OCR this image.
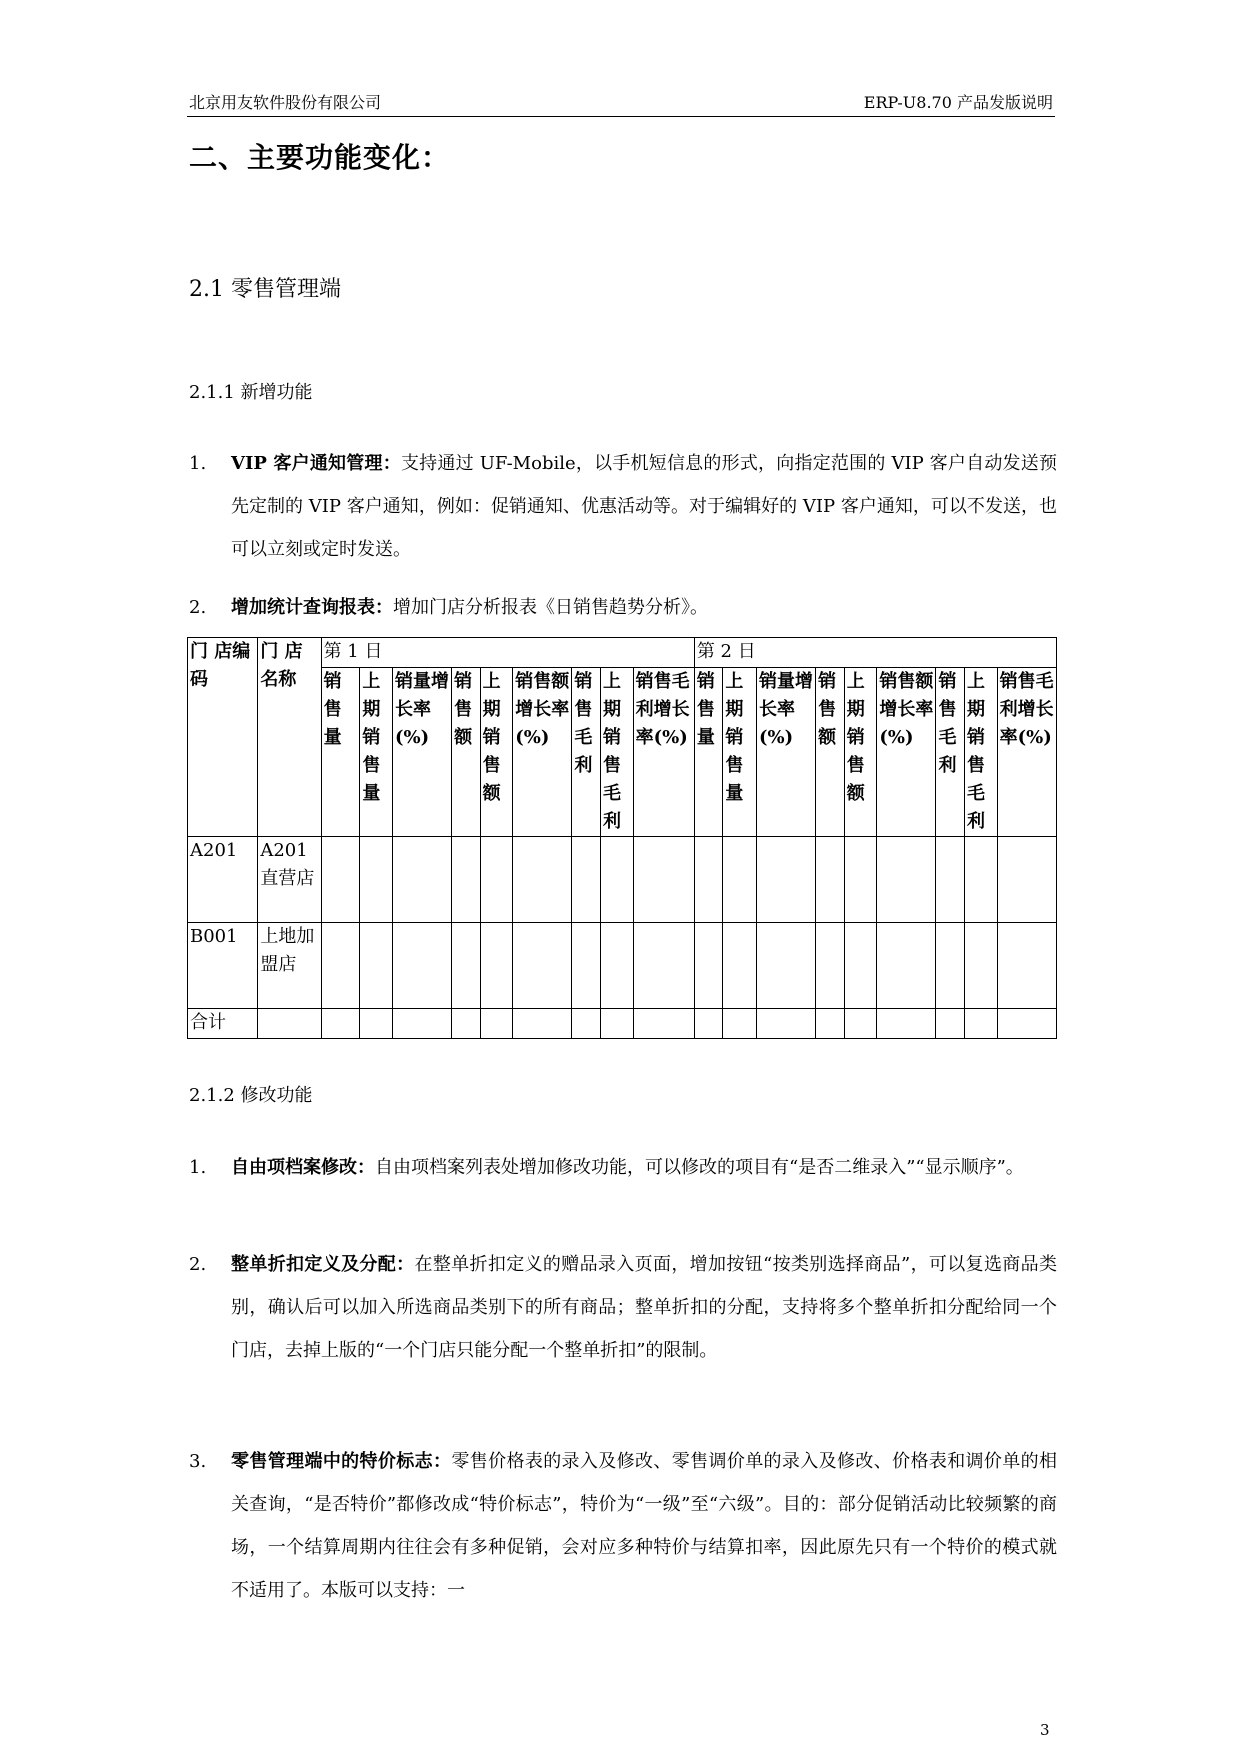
北京用友软件股份有限公司	ERP-U8.70 产品发版说明
二、主要功能变化：
2.1 零售管理端
2.1.1 新增功能
1.	VIP 客户通知管理：支持通过 UF-Mobile，以手机短信息的形式，向指定范围的 VIP 客户自动发送预先定制的 VIP 客户通知，例如：促销通知、优惠活动等。对于编辑好的 VIP 客户通知，可以不发送，也可以立刻或定时发送。
2.	增加统计查询报表：增加门店分析报表《日销售趋势分析》。
门 店编码	门 店名称	第 1 日									第 2 日								
		销售量	上期销售量	销量增长率(%)	销售额	上期销售额	销售额增长率(%)	销售毛利	上期销售毛利	销售毛利增长率(%)	销售量	上期销售量	销量增长率(%)	销售额	上期销售额	销售额增长率(%)	销售毛利	上期销售毛利	销售毛利增长率(%)
A201	A201 直营店																		
B001	上地加盟店																		
合计																			
2.1.2 修改功能
1.	自由项档案修改：自由项档案列表处增加修改功能，可以修改的项目有“是否二维录入”“显示顺序”。
2.	整单折扣定义及分配：在整单折扣定义的赠品录入页面，增加按钮“按类别选择商品”，可以复选商品类别，确认后可以加入所选商品类别下的所有商品；整单折扣的分配，支持将多个整单折扣分配给同一个门店，去掉上版的“一个门店只能分配一个整单折扣”的限制。
3.	零售管理端中的特价标志：零售价格表的录入及修改、零售调价单的录入及修改、价格表和调价单的相关查询，“是否特价”都修改成“特价标志”，特价为“一级”至“六级”。目的：部分促销活动比较频繁的商场，一个结算周期内往往会有多种促销，会对应多种特价与结算扣率，因此原先只有一个特价的模式就不适用了。本版可以支持：一
3
